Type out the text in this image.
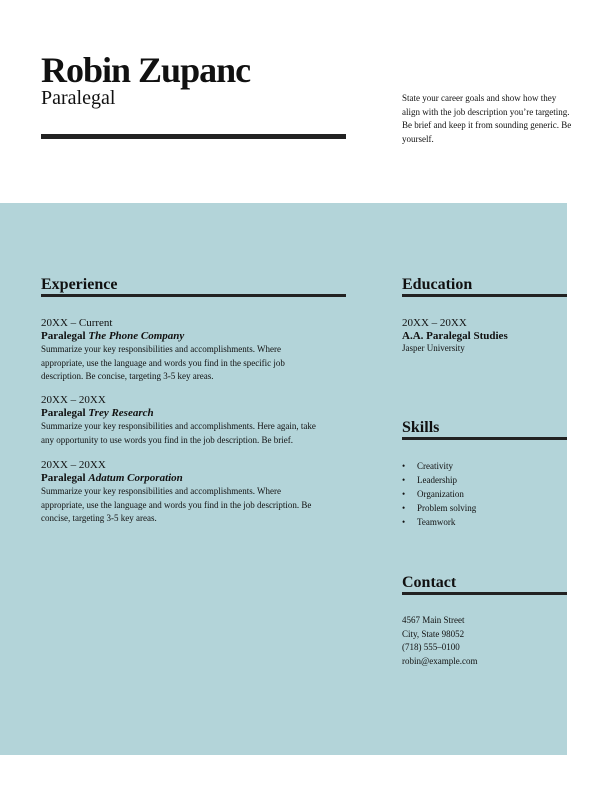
Robin Zupanc
Paralegal	State your career goals and show how they align with the job description you’re targeting. Be brief and keep it from sounding generic. Be yourself.

Experience
20XX – Current
Paralegal The Phone Company
Summarize your key responsibilities and accomplishments. Where appropriate, use the language and words you find in the specific job description. Be concise, targeting 3-5 key areas.
20XX – 20XX
Paralegal Trey Research
Summarize your key responsibilities and accomplishments. Here again, take any opportunity to use words you find in the job description. Be brief.
20XX – 20XX
Paralegal Adatum Corporation
Summarize your key responsibilities and accomplishments. Where appropriate, use the language and words you find in the job description. Be concise, targeting 3-5 key areas.
Education
20XX – 20XX
A.A. Paralegal Studies
Jasper University
Skills
• Creativity
• Leadership
• Organization
• Problem solving
• Teamwork
Contact
4567 Main Street
City, State 98052
(718) 555–0100
robin@example.com
